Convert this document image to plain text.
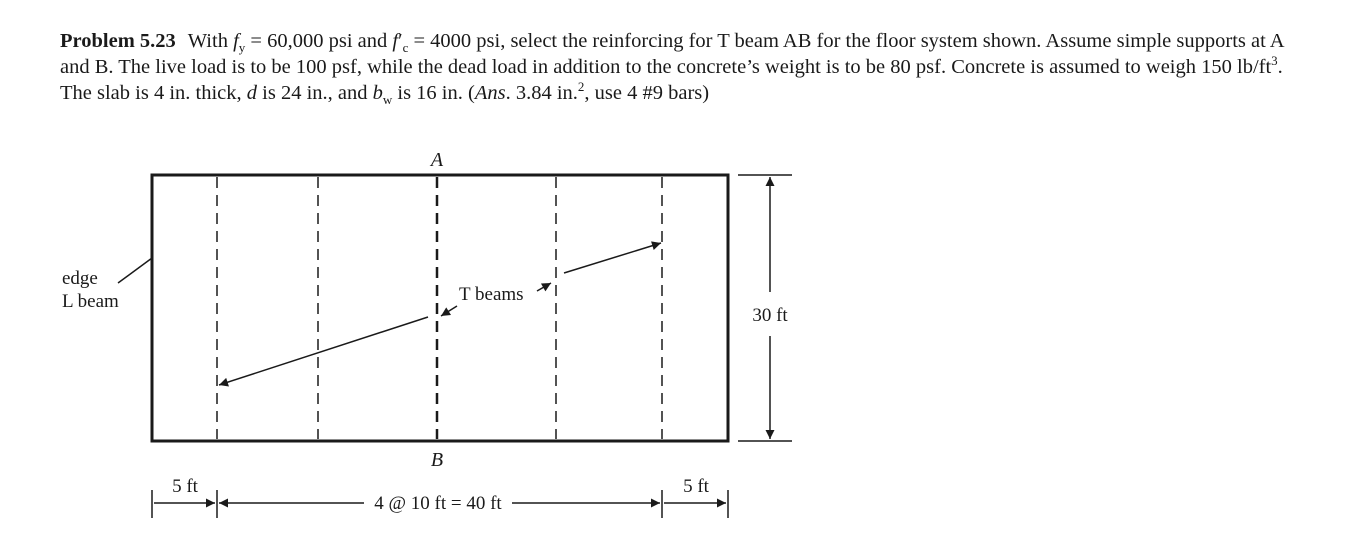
Problem 5.23 With $f_y = 60,000$ psi and $f'_c = 4000$ psi, select the reinforcing for T beam AB for the floor system shown. Assume simple supports at A and B. The live load is to be 100 psf, while the dead load in addition to the concrete’s weight is to be 80 psf. Concrete is assumed to weigh 150 $lb/ft^3$. The slab is 4 in. thick, d is 24 in., and $b_w$ is 16 in. (Ans. 3.84 in.$^2$, use 4 #9 bars)

A
B
edge
L beam	T beams
30 ft
5 ft
4 @ 10 ft = 40 ft
5 ft
